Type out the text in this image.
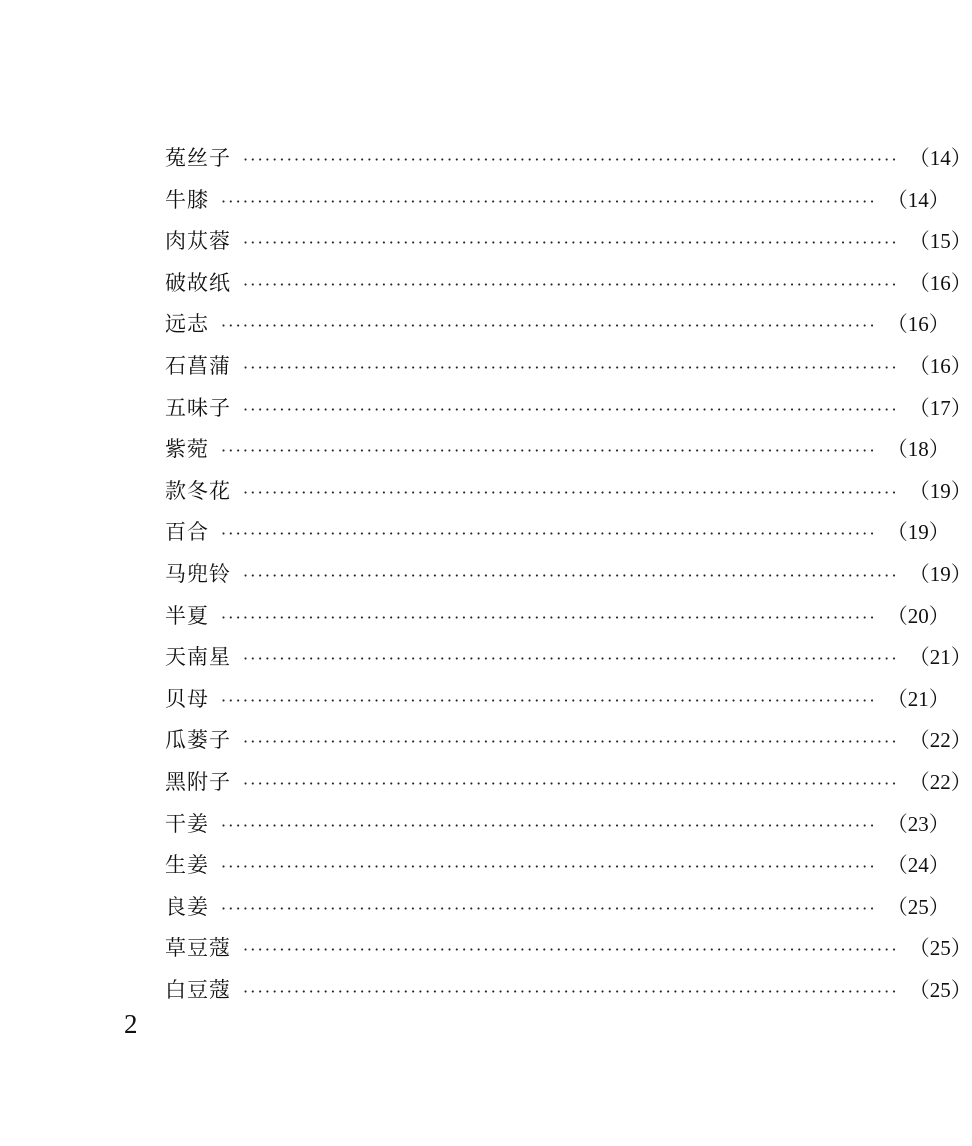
菟丝子 ·························································································· （14）
牛膝 ·························································································· （14）
肉苁蓉 ·························································································· （15）
破故纸 ·························································································· （16）
远志 ·························································································· （16）
石菖蒲 ·························································································· （16）
五味子 ·························································································· （17）
紫菀 ·························································································· （18）
款冬花 ·························································································· （19）
百合 ·························································································· （19）
马兜铃 ·························································································· （19）
半夏 ·························································································· （20）
天南星 ·························································································· （21）
贝母 ·························································································· （21）
瓜蒌子 ·························································································· （22）
黑附子 ·························································································· （22）
干姜 ·························································································· （23）
生姜 ·························································································· （24）
良姜 ·························································································· （25）
草豆蔻 ·························································································· （25）
白豆蔻 ·························································································· （25）
2
